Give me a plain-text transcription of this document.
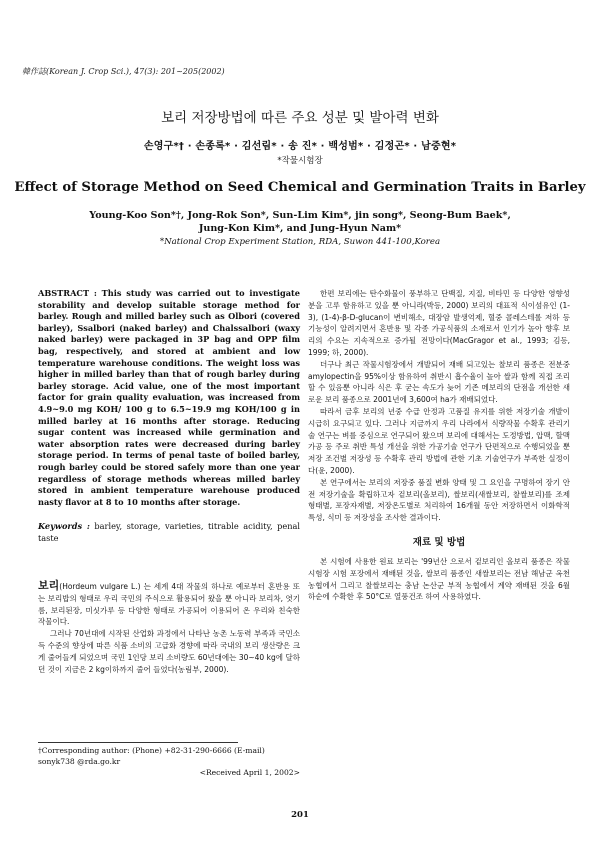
韓作誌(Korean J. Crop Sci.), 47(3): 201~205(2002)
보리 저장방법에 따른 주요 성분 및 발아력 변화
손영구*† · 손종록* · 김선림* · 송 진* · 백성범* · 김정곤* · 남중현*
*작물시험장
Effect of Storage Method on Seed Chemical and Germination Traits in Barley
Young-Koo Son*†, Jong-Rok Son*, Sun-Lim Kim*, jin song*, Seong-Bum Baek*,
Jung-Kon Kim*, and Jung-Hyun Nam*
*National Crop Experiment Station, RDA, Suwon 441-100,Korea
ABSTRACT : This study was carried out to investigate storability and develop suitable storage method for barley. Rough and milled barley such as Olbori (covered barley), Ssalbori (naked barley) and Chalssalbori (waxy naked barley) were packaged in 3P bag and OPP film bag, respectively, and stored at ambient and low temperature warehouse conditions. The weight loss was higher in milled barley than that of rough barley during barley storage. Acid value, one of the most important factor for grain quality evaluation, was increased from 4.9~9.0 mg KOH/ 100 g to 6.5~19.9 mg KOH/100 g in milled barley at 16 months after storage. Reducing sugar content was increased while germination and water absorption rates were decreased during barley storage period. In terms of penal taste of boiled barley, rough barley could be stored safely more than one year regardless of storage methods whereas milled barley stored in ambient temperature warehouse produced nasty flavor at 8 to 10 months after storage.
Keywords : barley, storage, varieties, titrable acidity, penal taste

보리(Hordeum vulgare L.) 는 세계 4대 작물의 하나로 예로부터 혼반용 또는 보리밥의 형태로 우리 국민의 주식으로 활용되어 왔을 뿐 아니라 보리차, 엿기름, 보리된장, 미싯가루 등 다양한 형태로 가공되어 이용되어 온 우리와 친숙한 작물이다.

그러나 70년대에 시작된 산업화 과정에서 나타난 농촌 노동력 부족과 국민소득 수준의 향상에 따른 식품 소비의 고급화 경향에 따라 국내의 보리 생산량은 크게 줄어들게 되었으며 국민 1인당 보리 소비량도 60년대에는 30~40 kg에 달하던 것이 지금은 2 kg이하까지 줄어 들었다(농림부, 2000).

†Corresponding author: (Phone) +82-31-290-6666 (E-mail) sonyk738 @rda.go.kr
<Received April 1, 2002>

한편 보리에는 탄수화물이 풍부하고 단백질, 지질, 비타민 등 다양한 영향성분을 고루 함유하고 있을 뿐 아니라(박등, 2000) 보리의 대표적 식이섬유인 (1-3), (1-4)-β-D-glucan이 변비해소, 대장암 발생억제, 혈중 콜레스테롤 저하 등 기능성이 알려지면서 혼반용 및 각종 가공식품의 소재로서 인기가 높아 향후 보리의 수요는 지속적으로 증가될 전망이다(MacGragor et al., 1993; 김등, 1999; 하, 2000).

더구나 최근 작물시험장에서 개발되어 재배 되고있는 찰보리 품종은 전분중 amylopectin을 95%이상 함유하여 취반시 흡수율이 높아 쌀과 함께 직접 조리할 수 있음뿐 아니라 식은 후 굳는 속도가 늦어 기존 메보리의 단점을 개선한 새로운 보리 품종으로 2001년에 3,600여 ha가 재배되었다.

따라서 금후 보리의 년중 수급 안정과 고품질 유지를 위한 저장기술 개발이 시급히 요구되고 있다. 그러나 지금까지 우리 나라에서 식량작물 수확후 관리기술 연구는 벼를 중심으로 연구되어 왔으며 보리에 대해서는 도정방법, 압맥, 할맥가공 등 주로 취반 특성 개선을 위한 가공기술 연구가 단편적으로 수행되었을 뿐 저장 조건별 저장성 등 수확후 관리 방법에 관한 기초 기술연구가 부족한 실정이다(윤, 2000).

본 연구에서는 보리의 저장중 품질 변화 양태 및 그 요인을 구명하여 장기 안전 저장기술을 확립하고자 겉보리(올보리), 쌀보리(새쌀보리, 찰쌀보리)를 조제 형태별, 포장자재별, 저장온도별로 처리하여 16개월 동안 저장하면서 이화학적 특성, 식미 등 저장성을 조사한 결과이다.

재료 및 방법

본 시험에 사용한 원료 보리는 '99년산 으로서 겉보리인 올보리 품종은 작물시험장 시험 포장에서 재배된 것을, 쌀보리 품종인 새쌀보리는 전남 해남군 옥천 농협에서 그리고 찰쌀보리는 충남 논산군 부적 농협에서 계약 재배된 것을 6월 하순에 수확한 후 50°C로 열풍건조 하여 사용하였다.

201
